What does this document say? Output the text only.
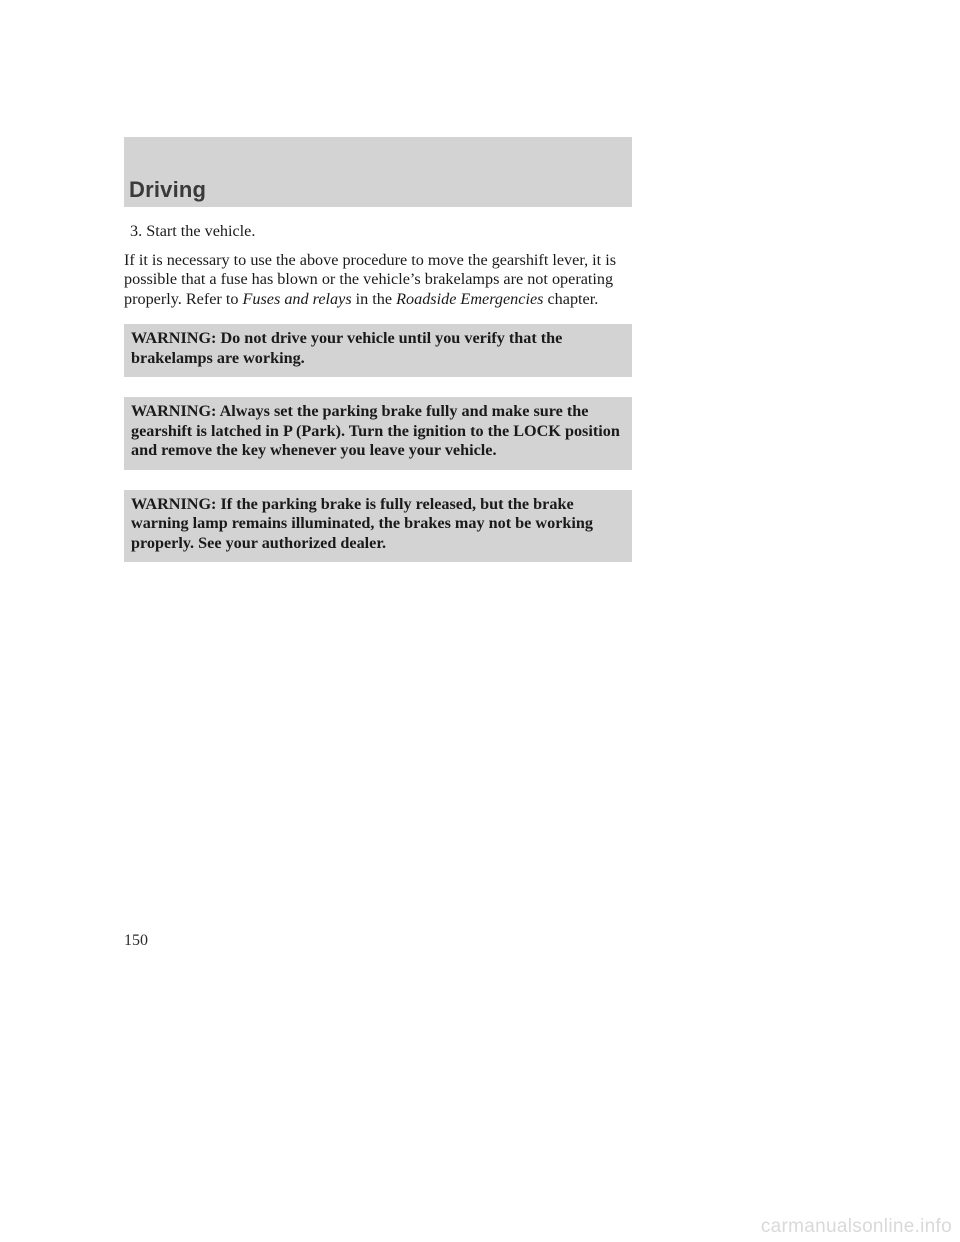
Driving
3. Start the vehicle.
If it is necessary to use the above procedure to move the gearshift lever, it is possible that a fuse has blown or the vehicle’s brakelamps are not operating properly. Refer to Fuses and relays in the Roadside Emergencies chapter.
WARNING: Do not drive your vehicle until you verify that the brakelamps are working.
WARNING: Always set the parking brake fully and make sure the gearshift is latched in P (Park). Turn the ignition to the LOCK position and remove the key whenever you leave your vehicle.
WARNING: If the parking brake is fully released, but the brake warning lamp remains illuminated, the brakes may not be working properly. See your authorized dealer.
150
carmanualsonline.info
